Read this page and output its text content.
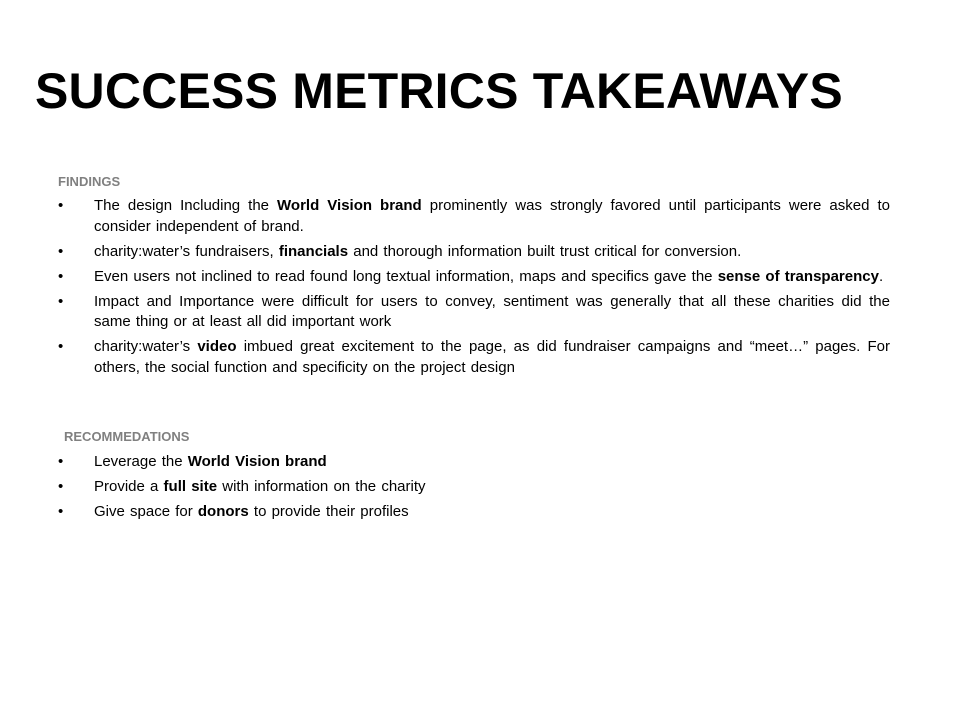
SUCCESS METRICS TAKEAWAYS
FINDINGS
• The design Including the World Vision brand prominently was strongly favored until participants were asked to consider independent of brand.
• charity:water’s fundraisers, financials and thorough information built trust critical for conversion.
• Even users not inclined to read found long textual information, maps and specifics gave the sense of transparency.
• Impact and Importance were difficult for users to convey, sentiment was generally that all these charities did the same thing or at least all did important work
• charity:water’s video imbued great excitement to the page, as did fundraiser campaigns and “meet…” pages. For others, the social function and specificity on the project design
RECOMMEDATIONS
• Leverage the World Vision brand
• Provide a full site with information on the charity
• Give space for donors to provide their profiles
